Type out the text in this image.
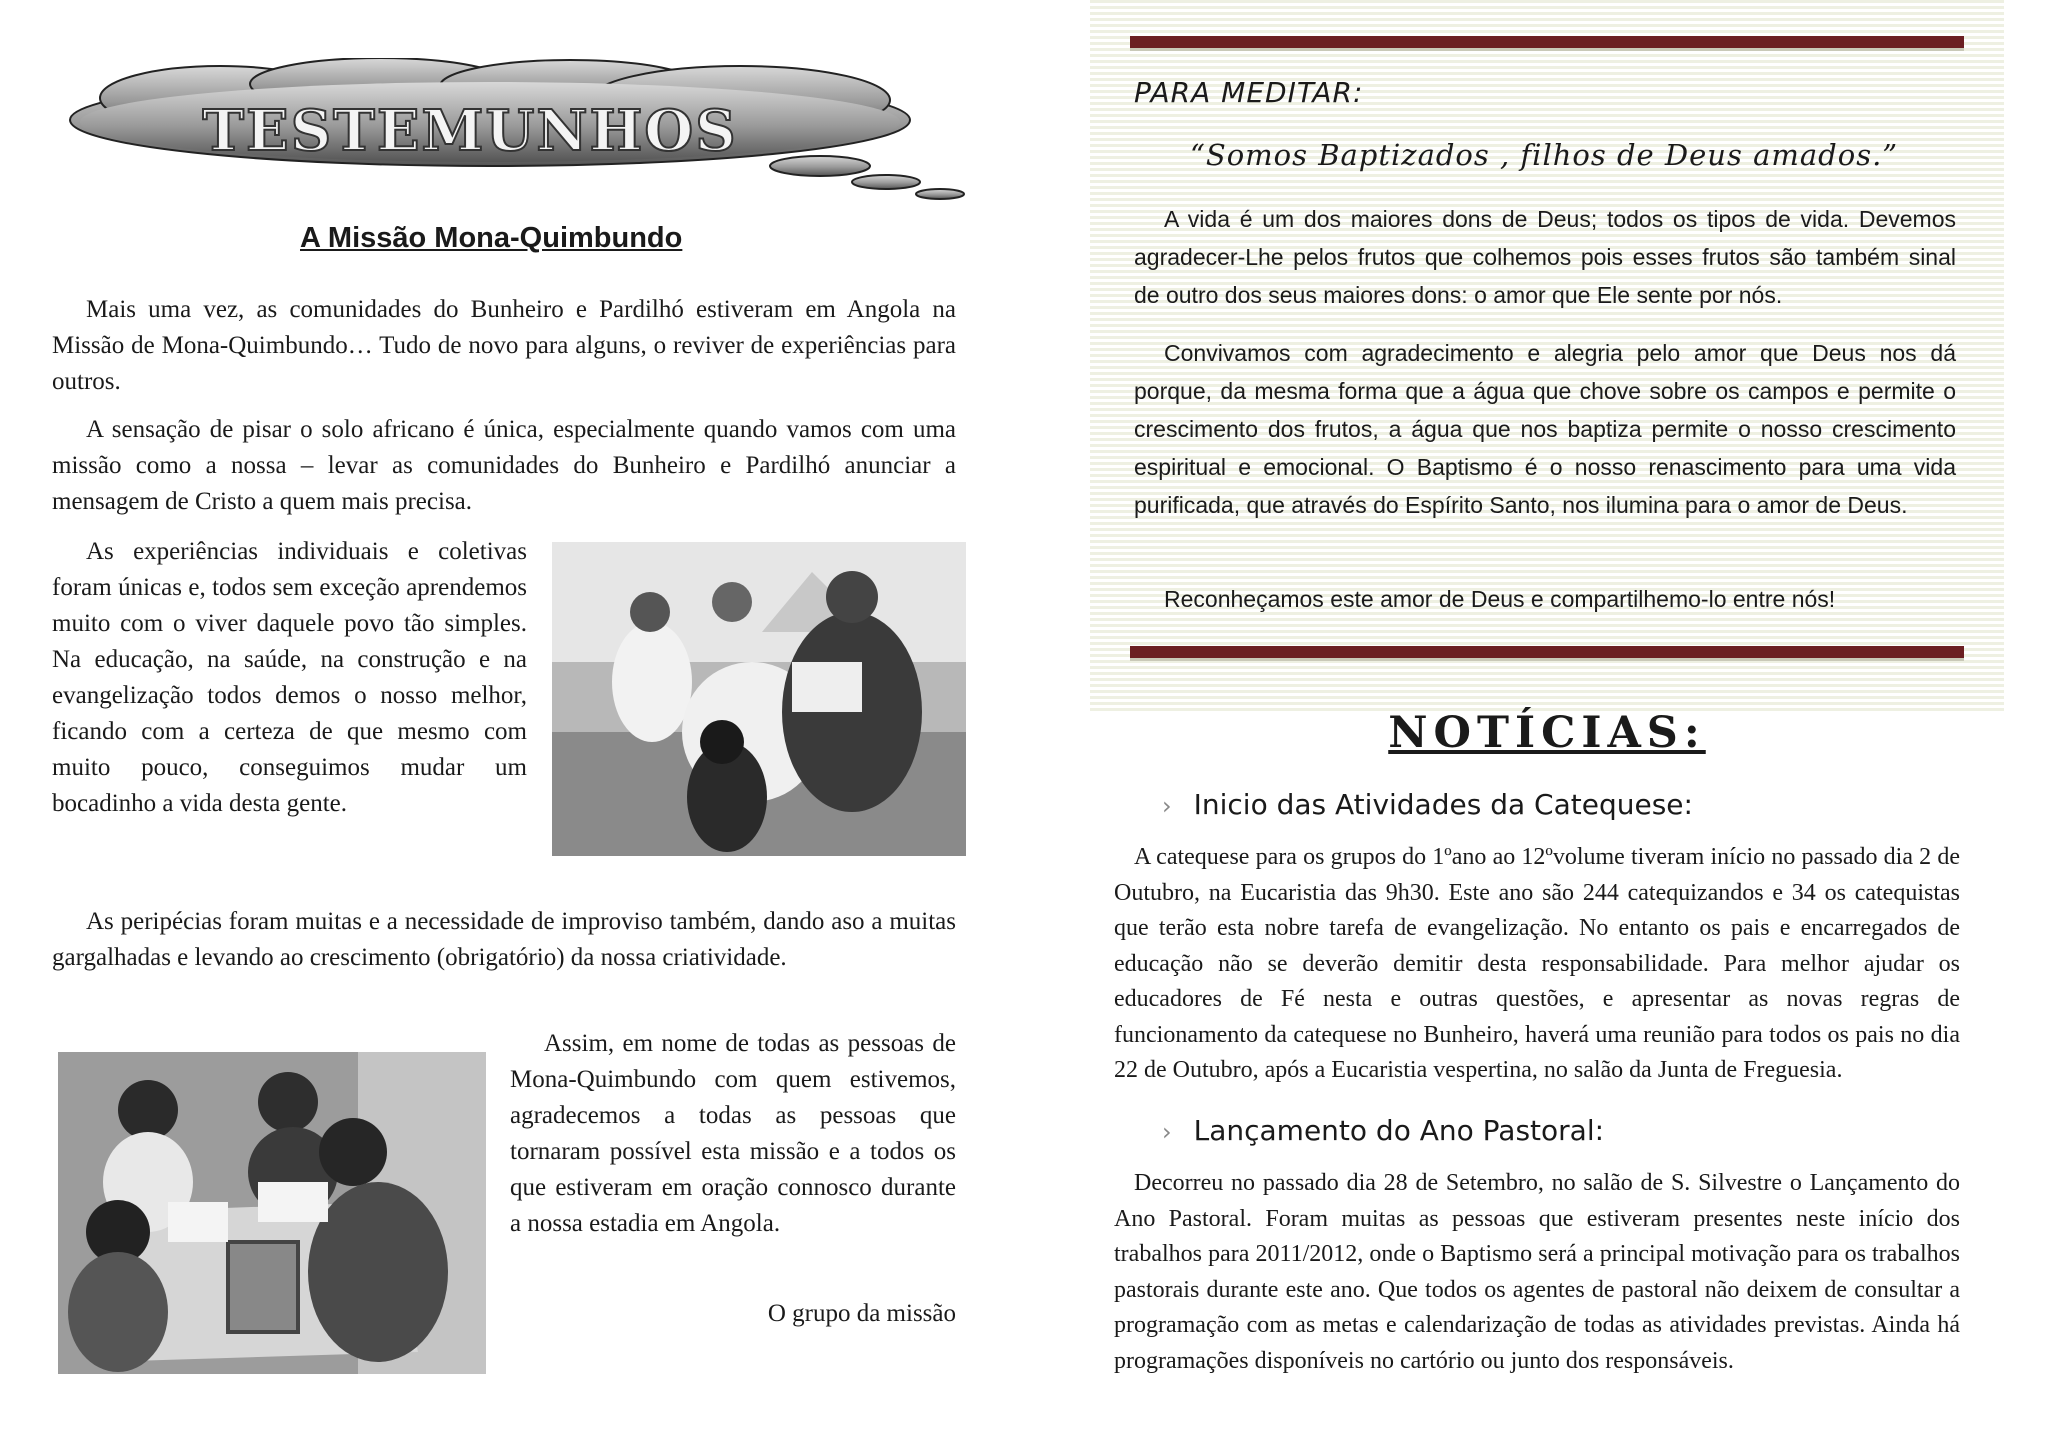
TESTEMUNHOS
A Missão Mona-Quimbundo

Mais uma vez, as comunidades do Bunheiro e Pardilhó estiveram em Angola na Missão de Mona-Quimbundo… Tudo de novo para alguns, o reviver de experiências para outros.

A sensação de pisar o solo africano é única, especialmente quando vamos com uma missão como a nossa – levar as comunidades do Bunheiro e Pardilhó anunciar a mensagem de Cristo a quem mais precisa.

As experiências individuais e coletivas foram únicas e, todos sem exceção aprendemos muito com o viver daquele povo tão simples. Na educação, na saúde, na construção e na evangelização todos demos o nosso melhor, ficando com a certeza de que mesmo com muito pouco, conseguimos mudar um bocadinho a vida desta gente.

As peripécias foram muitas e a necessidade de improviso também, dando aso a muitas gargalhadas e levando ao crescimento (obrigatório) da nossa criatividade.

Assim, em nome de todas as pessoas de Mona-Quimbundo com quem estivemos, agradecemos a todas as pessoas que tornaram possível esta missão e a todos os que estiveram em oração connosco durante a nossa estadia em Angola.

O grupo da missão
PARA MEDITAR:
“Somos Baptizados , filhos de Deus amados.”

A vida é um dos maiores dons de Deus; todos os tipos de vida. Devemos agradecer-Lhe pelos frutos que colhemos pois esses frutos são também sinal de outro dos seus maiores dons: o amor que Ele sente por nós.

Convivamos com agradecimento e alegria pelo amor que Deus nos dá porque, da mesma forma que a água que chove sobre os campos e permite o crescimento dos frutos, a água que nos baptiza permite o nosso crescimento espiritual e emocional. O Baptismo é o nosso renascimento para uma vida purificada, que através do Espírito Santo, nos ilumina para o amor de Deus.

Reconheçamos este amor de Deus e compartilhemo-lo entre nós!
NOTÍCIAS:
› Inicio das Atividades da Catequese:

A catequese para os grupos do 1ºano ao 12ºvolume tiveram início no passado dia 2 de Outubro, na Eucaristia das 9h30. Este ano são 244 catequizandos e 34 os catequistas que terão esta nobre tarefa de evangelização. No entanto os pais e encarregados de educação não se deverão demitir desta responsabilidade. Para melhor ajudar os educadores de Fé nesta e outras questões, e apresentar as novas regras de funcionamento da catequese no Bunheiro, haverá uma reunião para todos os pais no dia 22 de Outubro, após a Eucaristia vespertina, no salão da Junta de Freguesia.

› Lançamento do Ano Pastoral:

Decorreu no passado dia 28 de Setembro, no salão de S. Silvestre o Lançamento do Ano Pastoral. Foram muitas as pessoas que estiveram presentes neste início dos trabalhos para 2011/2012, onde o Baptismo será a principal motivação para os trabalhos pastorais durante este ano. Que todos os agentes de pastoral não deixem de consultar a programação com as metas e calendarização de todas as atividades previstas. Ainda há programações disponíveis no cartório ou junto dos responsáveis.
